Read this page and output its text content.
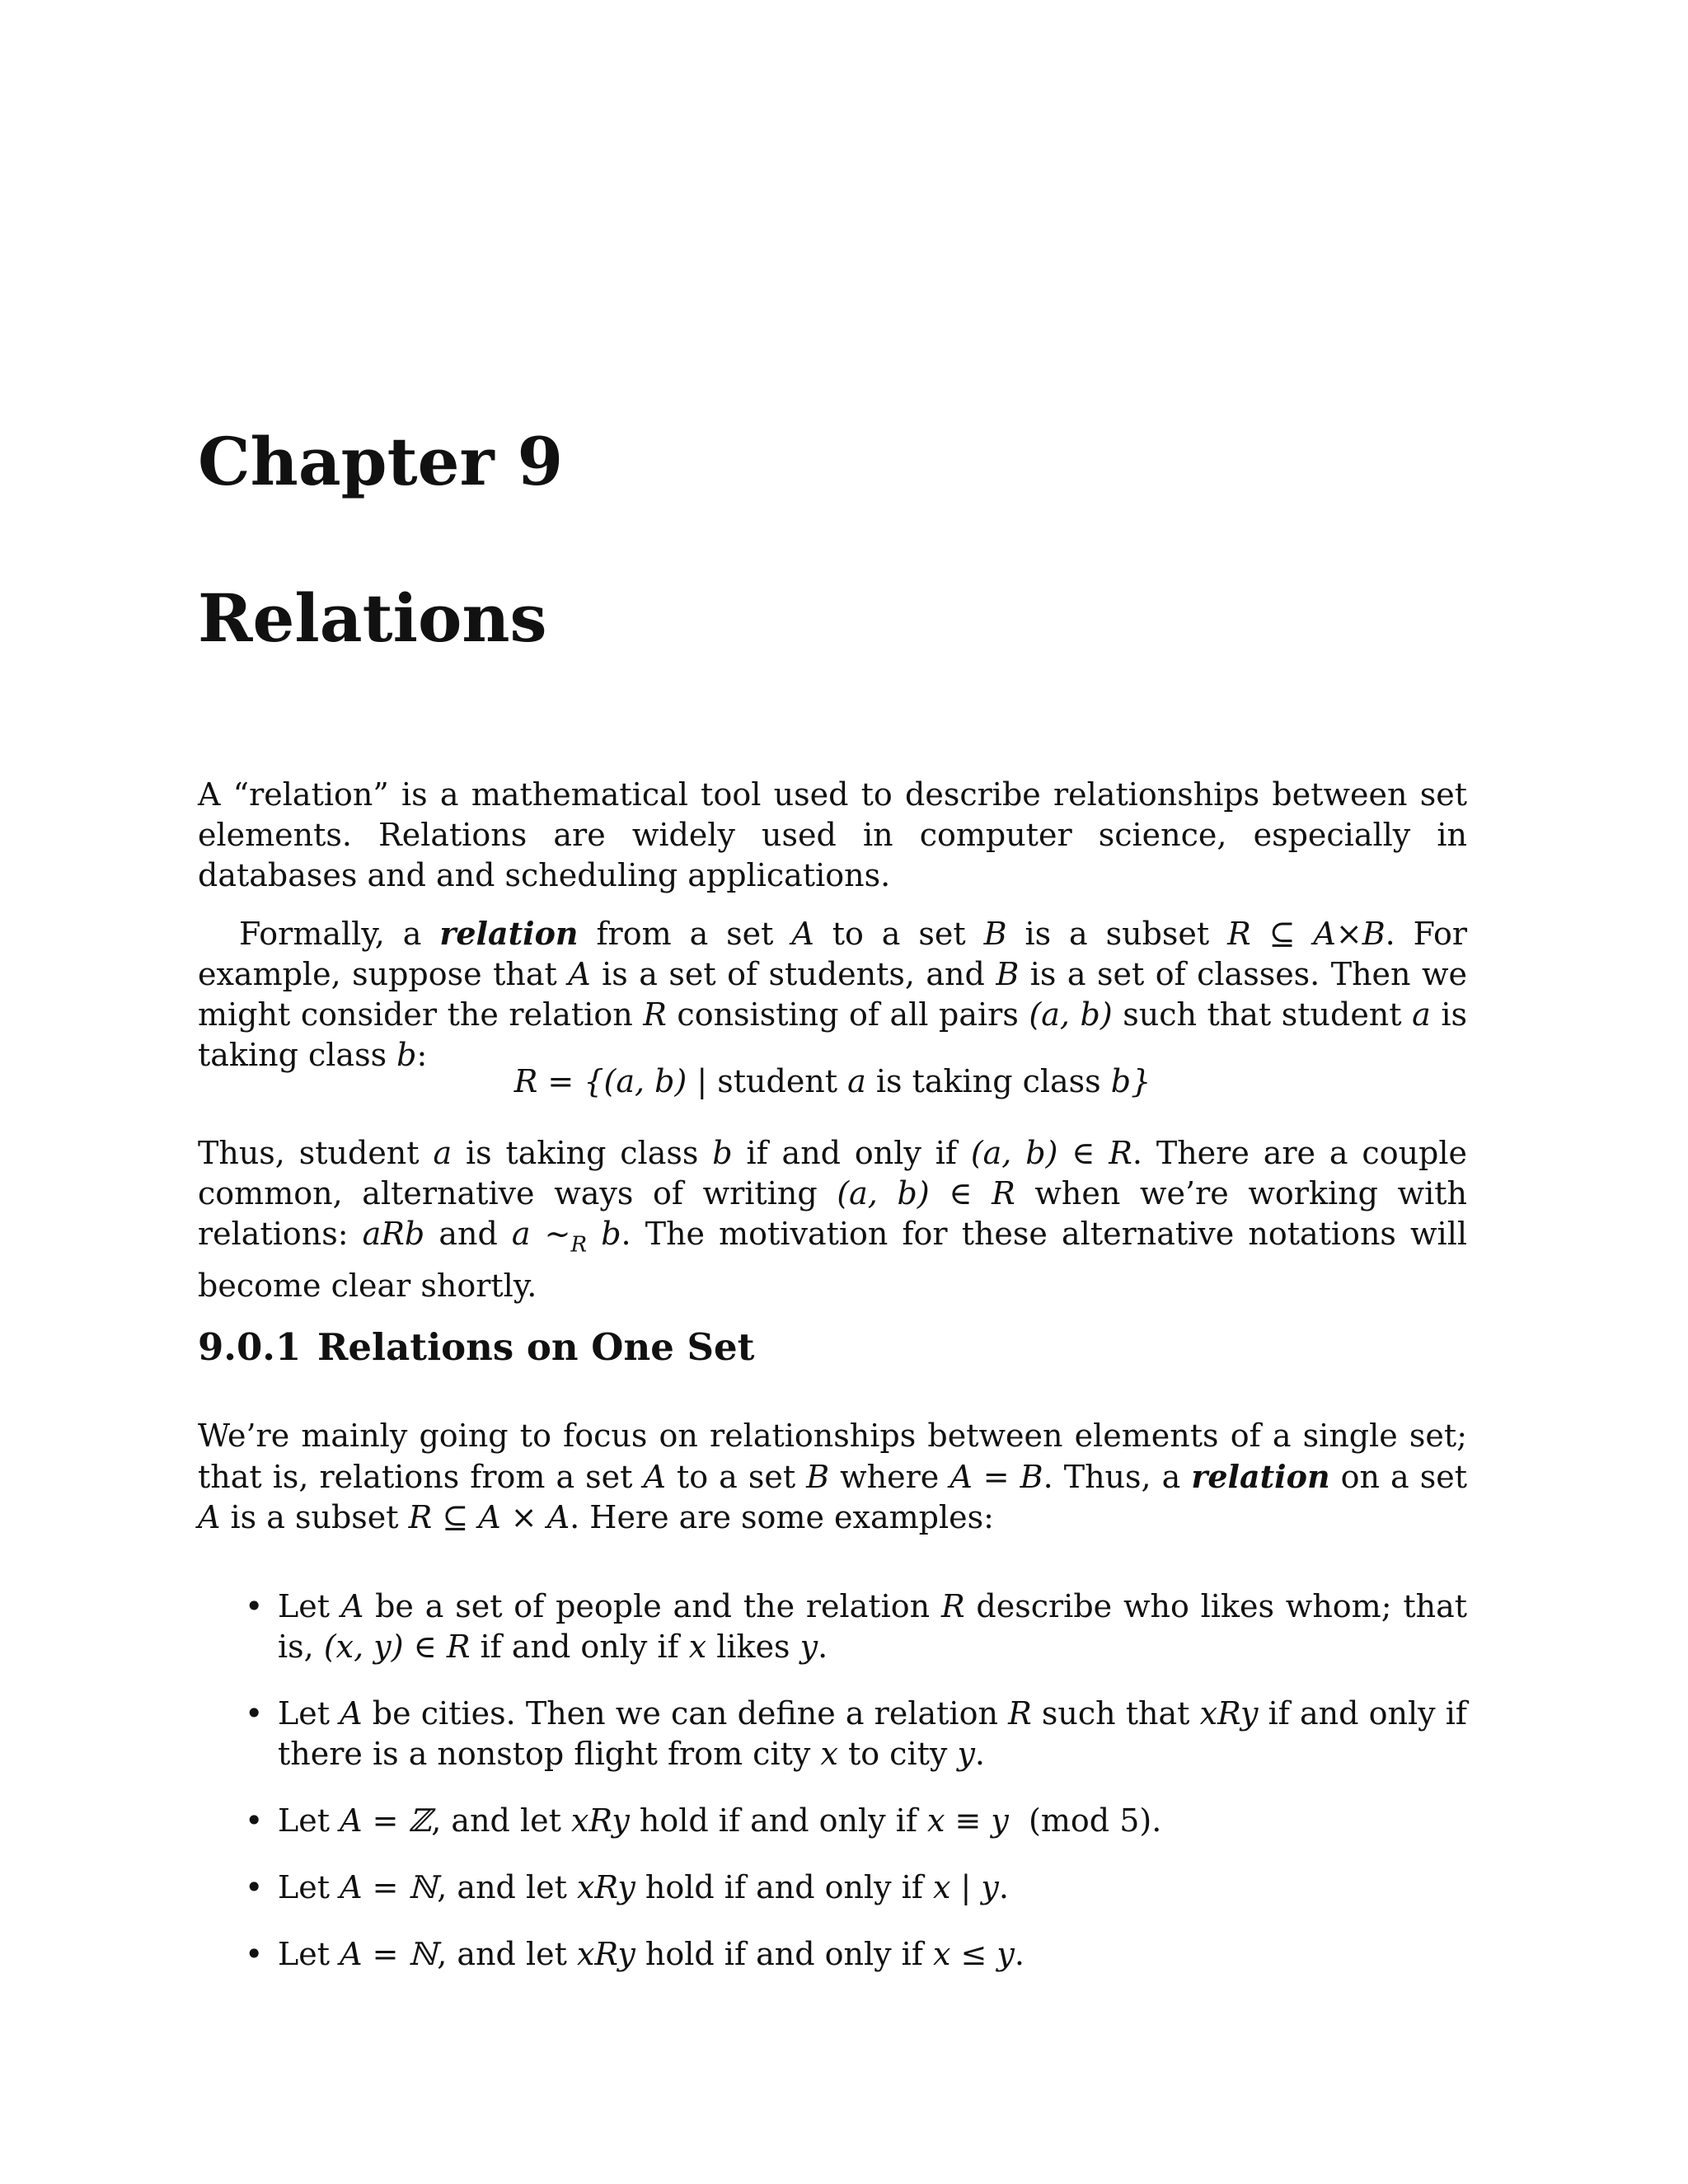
Chapter 9
Relations

A “relation” is a mathematical tool used to describe relationships between set elements. Relations are widely used in computer science, especially in databases and and scheduling applications.

Formally, a relation from a set A to a set B is a subset R ⊆ A×B. For example, suppose that A is a set of students, and B is a set of classes. Then we might consider the relation R consisting of all pairs (a, b) such that student a is taking class b:

R = {(a, b) | student a is taking class b}

Thus, student a is taking class b if and only if (a, b) ∈ R. There are a couple common, alternative ways of writing (a, b) ∈ R when we’re working with relations: aRb and a $\sim_R$ b. The motivation for these alternative notations will become clear shortly.

9.0.1 Relations on One Set

We’re mainly going to focus on relationships between elements of a single set; that is, relations from a set A to a set B where A = B. Thus, a relation on a set A is a subset R ⊆ A × A. Here are some examples:

• Let A be a set of people and the relation R describe who likes whom; that is, (x, y) ∈ R if and only if x likes y.
• Let A be cities. Then we can define a relation R such that xRy if and only if there is a nonstop flight from city x to city y.
• Let A = ℤ, and let xRy hold if and only if x ≡ y (mod 5).
• Let A = ℕ, and let xRy hold if and only if x | y.
• Let A = ℕ, and let xRy hold if and only if x ≤ y.
